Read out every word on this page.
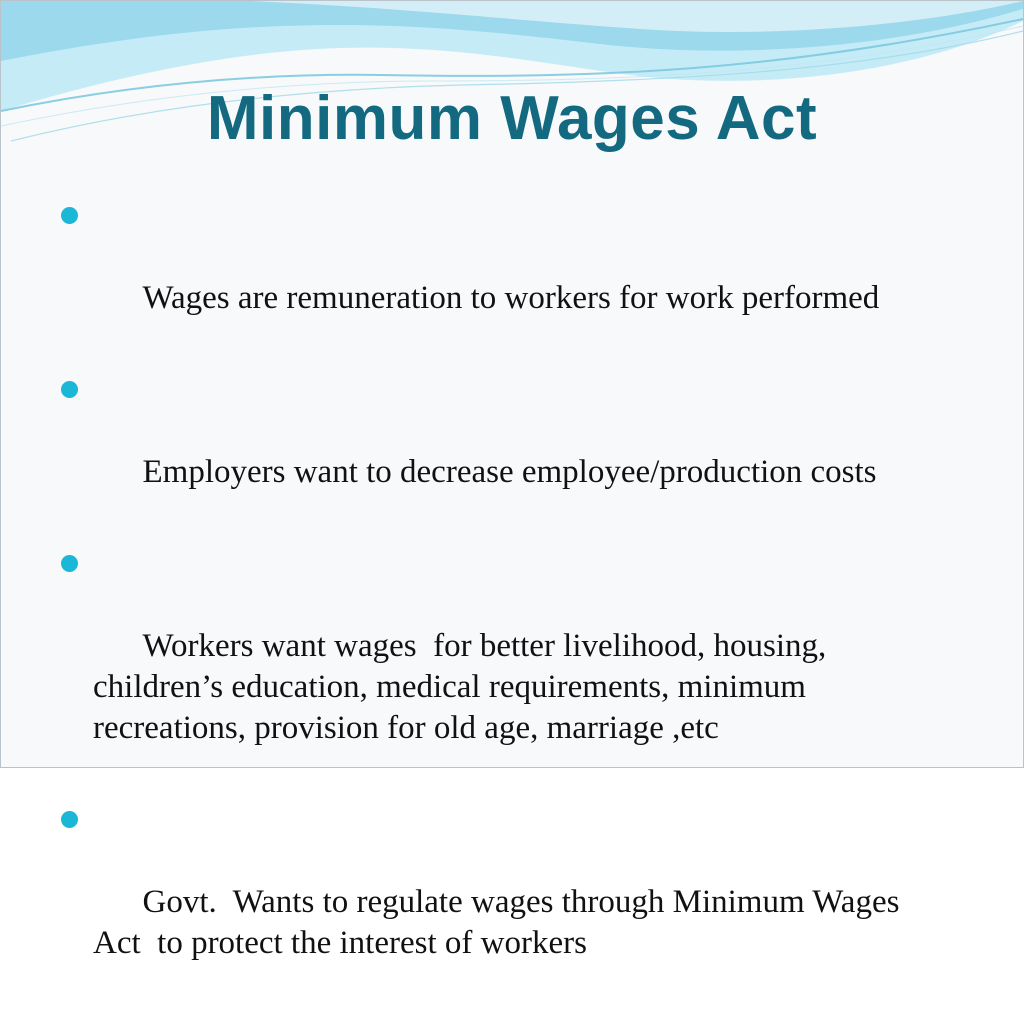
Minimum Wages Act

Wages are remuneration to workers for work performed

Employers want to decrease employee/production costs

Workers want wages  for better livelihood, housing,
children’s education, medical requirements, minimum
recreations, provision for old age, marriage ,etc

Govt.  Wants to regulate wages through Minimum Wages
Act  to protect the interest of workers
